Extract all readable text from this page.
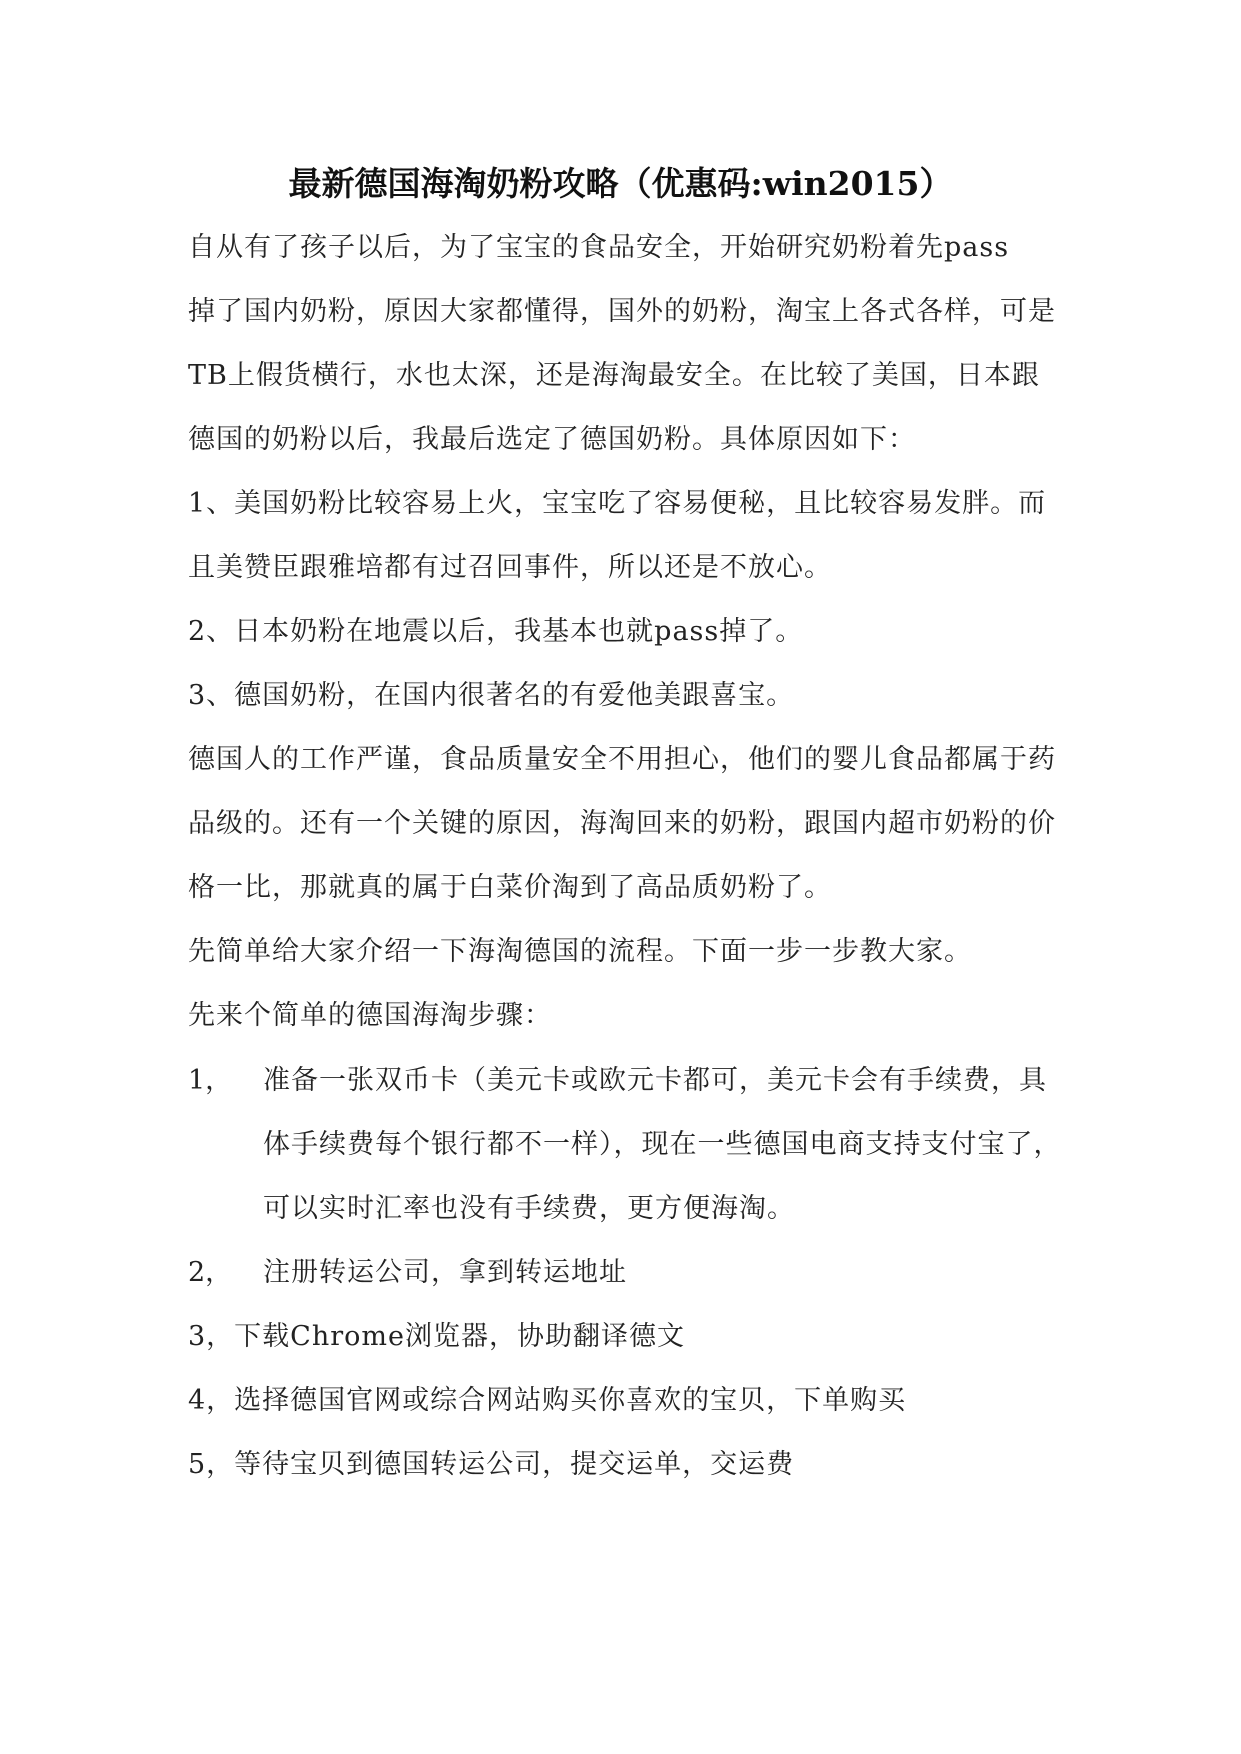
最新德国海淘奶粉攻略（优惠码:win2015）
自从有了孩子以后，为了宝宝的食品安全，开始研究奶粉着先pass
掉了国内奶粉，原因大家都懂得，国外的奶粉，淘宝上各式各样，可是
TB上假货横行，水也太深，还是海淘最安全。在比较了美国，日本跟
德国的奶粉以后，我最后选定了德国奶粉。具体原因如下：
1、美国奶粉比较容易上火，宝宝吃了容易便秘，且比较容易发胖。而
且美赞臣跟雅培都有过召回事件，所以还是不放心。
2、日本奶粉在地震以后，我基本也就pass掉了。
3、德国奶粉，在国内很著名的有爱他美跟喜宝。
德国人的工作严谨，食品质量安全不用担心，他们的婴儿食品都属于药
品级的。还有一个关键的原因，海淘回来的奶粉，跟国内超市奶粉的价
格一比，那就真的属于白菜价淘到了高品质奶粉了。
先简单给大家介绍一下海淘德国的流程。下面一步一步教大家。
先来个简单的德国海淘步骤：
1， 准备一张双币卡（美元卡或欧元卡都可，美元卡会有手续费，具
体手续费每个银行都不一样），现在一些德国电商支持支付宝了，
可以实时汇率也没有手续费，更方便海淘。
2， 注册转运公司，拿到转运地址
3，下载Chrome浏览器，协助翻译德文
4，选择德国官网或综合网站购买你喜欢的宝贝，下单购买
5，等待宝贝到德国转运公司，提交运单，交运费
